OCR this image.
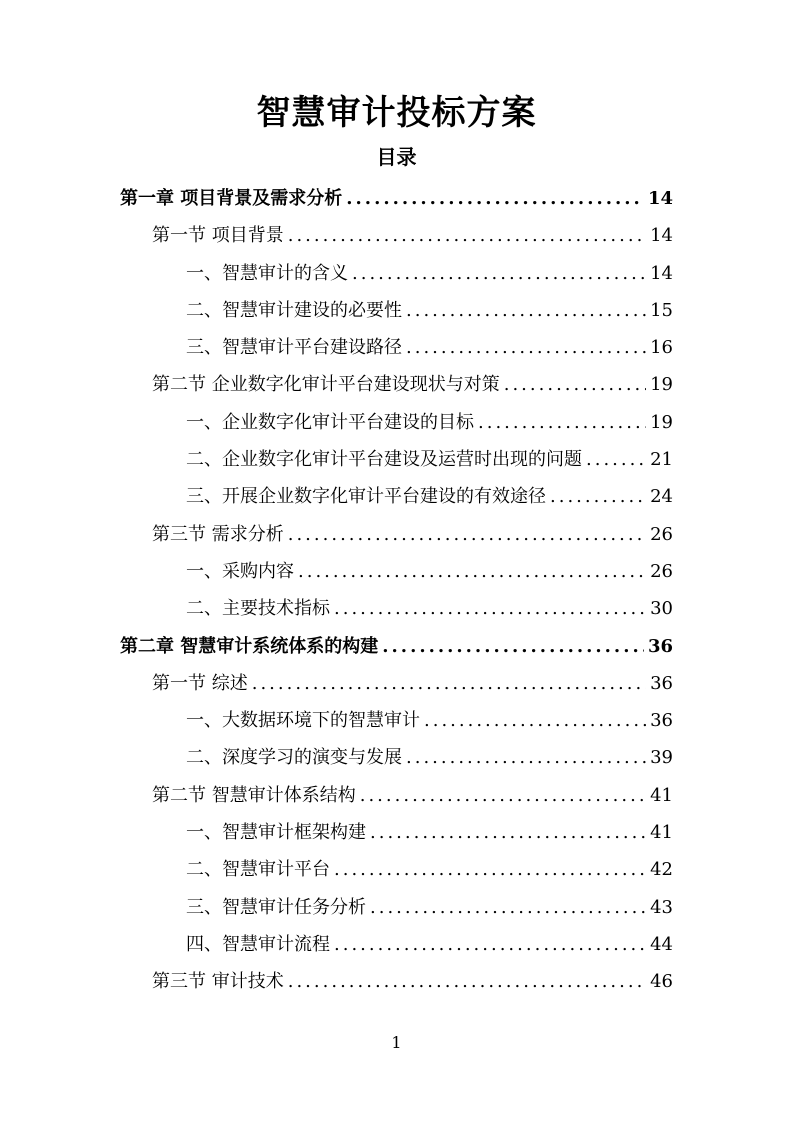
智慧审计投标方案
目录
第一章 项目背景及需求分析 .....	14
第一节 项目背景 .....	14
一、智慧审计的含义 .....	14
二、智慧审计建设的必要性 .....	15
三、智慧审计平台建设路径 .....	16
第二节 企业数字化审计平台建设现状与对策 .....	19
一、企业数字化审计平台建设的目标 .....	19
二、企业数字化审计平台建设及运营时出现的问题 .....	21
三、开展企业数字化审计平台建设的有效途径 .....	24
第三节 需求分析 .....	26
一、采购内容 .....	26
二、主要技术指标 .....	30
第二章 智慧审计系统体系的构建 .....	36
第一节 综述 .....	36
一、大数据环境下的智慧审计 .....	36
二、深度学习的演变与发展 .....	39
第二节 智慧审计体系结构 .....	41
一、智慧审计框架构建 .....	41
二、智慧审计平台 .....	42
三、智慧审计任务分析 .....	43
四、智慧审计流程 .....	44
第三节 审计技术 .....	46
1
